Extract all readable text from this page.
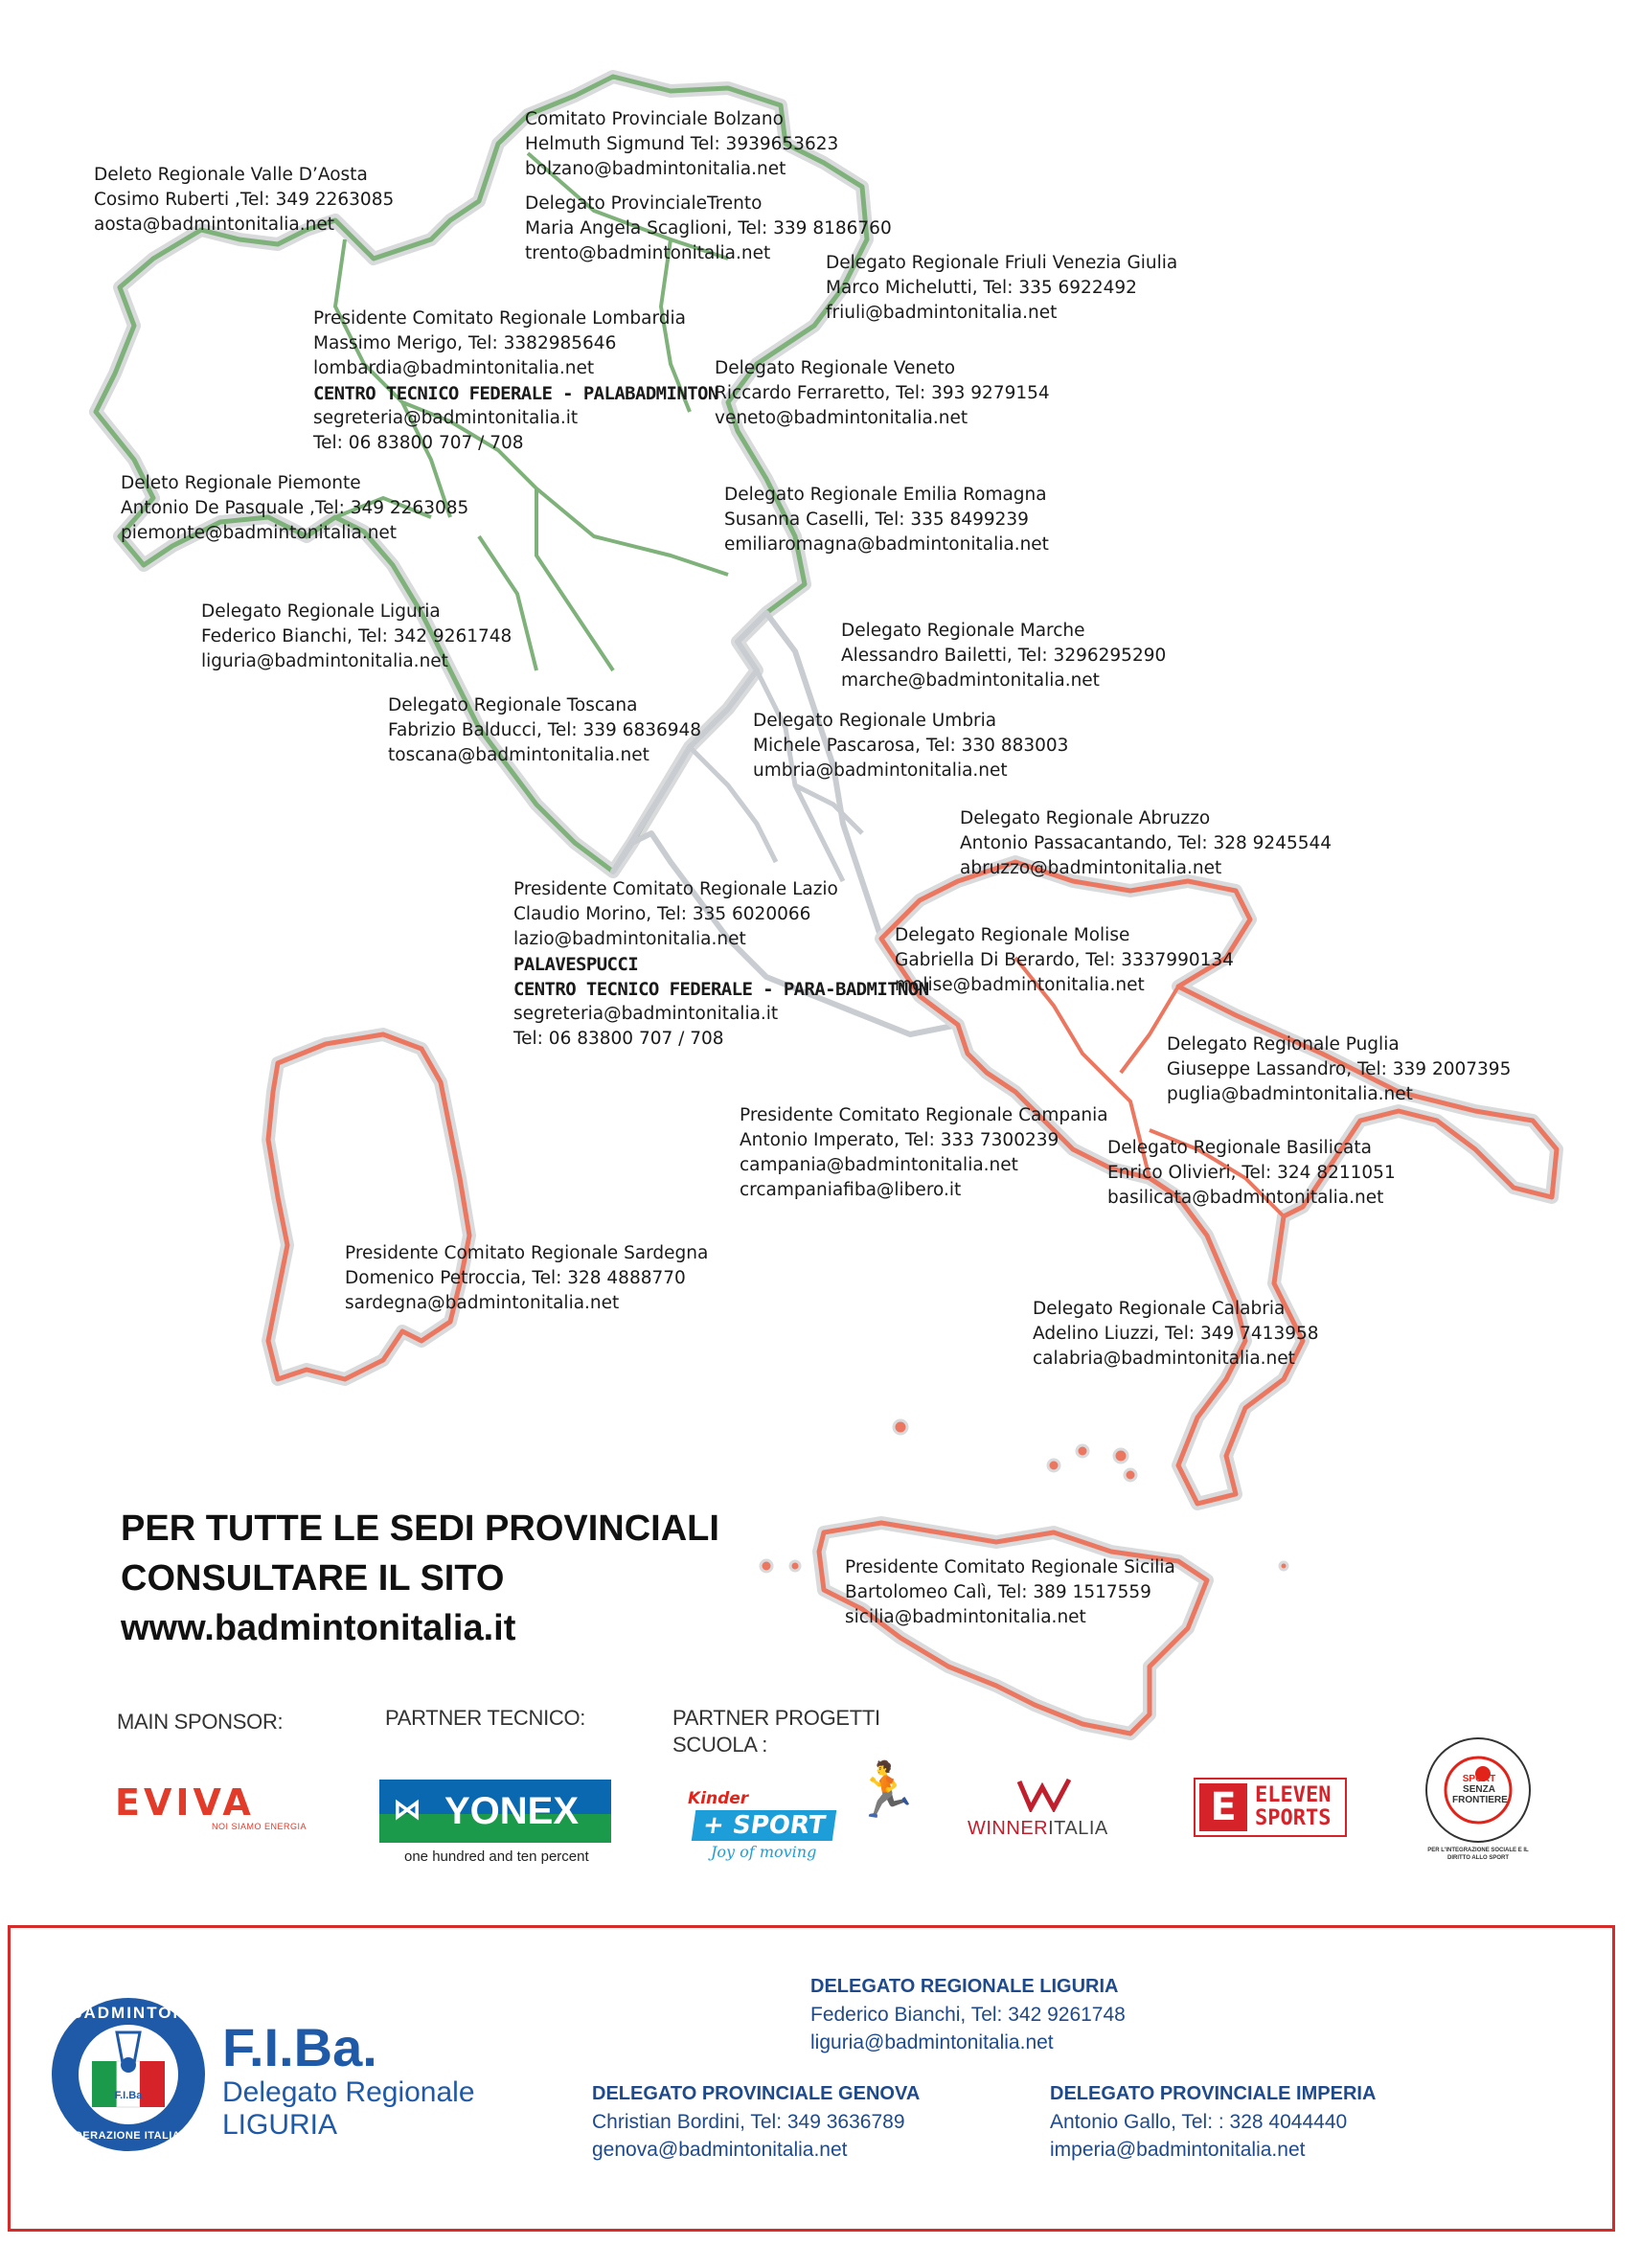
Comitato Provinciale Bolzano
Helmuth Sigmund Tel: 3939653623
bolzano@badmintonitalia.net
Deleto Regionale Valle D’Aosta
Cosimo Ruberti ,Tel: 349 2263085
aosta@badmintonitalia.net
Delegato ProvincialeTrento
Maria Angela Scaglioni, Tel: 339 8186760
trento@badmintonitalia.net	Delegato Regionale Friuli Venezia Giulia
Marco Michelutti, Tel: 335 6922492
friuli@badmintonitalia.net
Presidente Comitato Regionale Lombardia
Massimo Merigo, Tel: 3382985646
lombardia@badmintonitalia.net
CENTRO TECNICO FEDERALE - PALABADMINTON
segreteria@badmintonitalia.it
Tel: 06 83800 707 / 708
Delegato Regionale Veneto
Riccardo Ferraretto, Tel: 393 9279154
veneto@badmintonitalia.net
Deleto Regionale Piemonte
Antonio De Pasquale ,Tel: 349 2263085
piemonte@badmintonitalia.net
Delegato Regionale Emilia Romagna
Susanna Caselli, Tel: 335 8499239
emiliaromagna@badmintonitalia.net
Delegato Regionale Liguria
Federico Bianchi, Tel: 342 9261748
liguria@badmintonitalia.net
Delegato Regionale Marche
Alessandro Bailetti, Tel: 3296295290
marche@badmintonitalia.net
Delegato Regionale Toscana
Fabrizio Balducci, Tel: 339 6836948
toscana@badmintonitalia.net
Delegato Regionale Umbria
Michele Pascarosa, Tel: 330 883003
umbria@badmintonitalia.net
Delegato Regionale Abruzzo
Antonio Passacantando, Tel: 328 9245544
abruzzo@badmintonitalia.net
Presidente Comitato Regionale Lazio
Claudio Morino, Tel: 335 6020066
lazio@badmintonitalia.net
PALAVESPUCCI
CENTRO TECNICO FEDERALE - PARA-BADMITNON
segreteria@badmintonitalia.it
Tel: 06 83800 707 / 708
Delegato Regionale Molise
Gabriella Di Berardo, Tel: 3337990134
molise@badmintonitalia.net
Delegato Regionale Puglia
Giuseppe Lassandro, Tel: 339 2007395
puglia@badmintonitalia.net
Presidente Comitato Regionale Campania
Antonio Imperato, Tel: 333 7300239
campania@badmintonitalia.net
crcampaniafiba@libero.it
Delegato Regionale Basilicata
Enrico Olivieri, Tel: 324 8211051
basilicata@badmintonitalia.net
Presidente Comitato Regionale Sardegna
Domenico Petroccia, Tel: 328 4888770
sardegna@badmintonitalia.net	Delegato Regionale Calabria
Adelino Liuzzi, Tel: 349 7413958
calabria@badmintonitalia.net
Presidente Comitato Regionale Sicilia
Bartolomeo Calì, Tel: 389 1517559
sicilia@badmintonitalia.net
PER TUTTE LE SEDI PROVINCIALI
CONSULTARE IL SITO
www.badmintonitalia.it
MAIN SPONSOR:	PARTNER TECNICO:	PARTNER PROGETTI
SCUOLA :
EVIVA
NOI SIAMO ENERGIA	⋈ YONEX
one hundred and ten percent
Kinder
+ SPORT
Joy of moving
🏃
WINNERITALIA	E ELEVEN
SPORTS
PER L'INTEGRAZIONE SOCIALE E IL DIRITTO ALLO SPORT
SPORT
SENZA
FRONTIERE
BADMINTON
F.I.Ba
FEDERAZIONE ITALIANA
F.I.Ba.
Delegato Regionale
LIGURIA
DELEGATO REGIONALE LIGURIA
Federico Bianchi, Tel: 342 9261748
liguria@badmintonitalia.net
DELEGATO PROVINCIALE GENOVA
Christian Bordini, Tel: 349 3636789
genova@badmintonitalia.net
DELEGATO PROVINCIALE IMPERIA
Antonio Gallo, Tel: : 328 4044440
imperia@badmintonitalia.net
